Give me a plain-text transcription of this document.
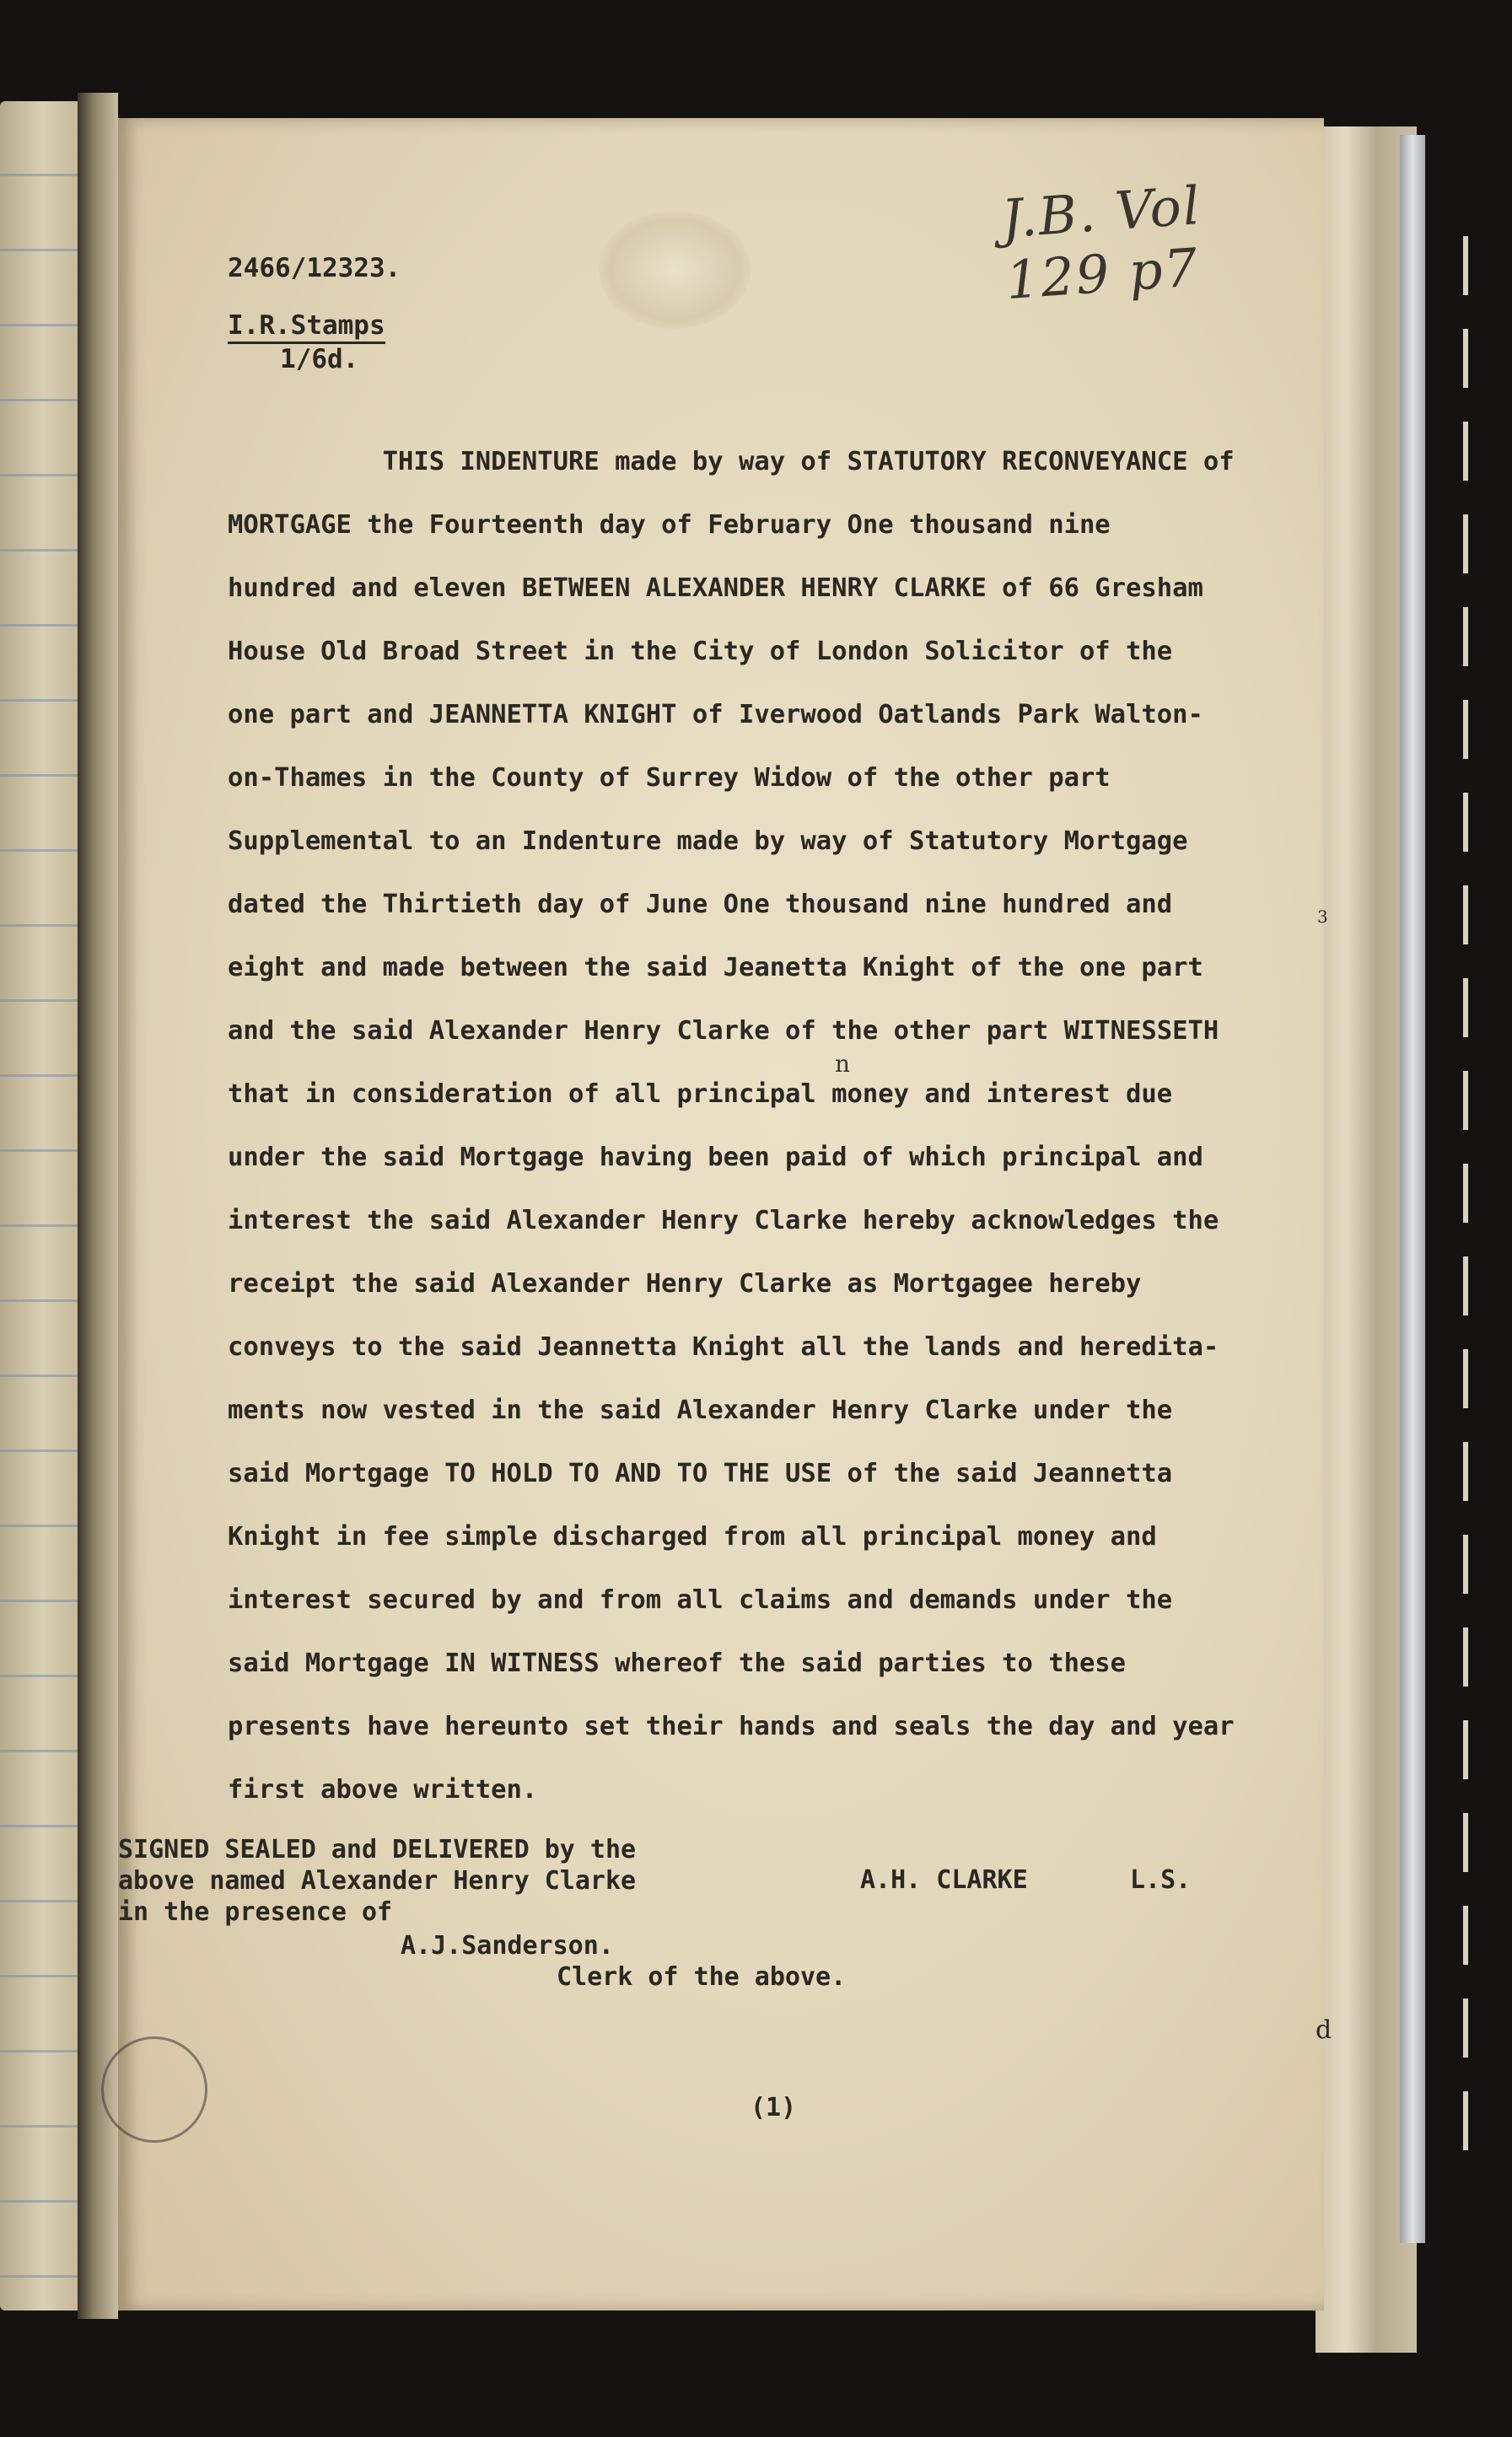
J.B. Vol 129 p7
2466/12323.
I.R.Stamps
1/6d.
THIS INDENTURE made by way of STATUTORY RECONVEYANCE of
MORTGAGE the Fourteenth day of February One thousand nine
hundred and eleven BETWEEN ALEXANDER HENRY CLARKE of 66 Gresham
House Old Broad Street in the City of London Solicitor of the
one part and JEANNETTA KNIGHT of Iverwood Oatlands Park Walton-
on-Thames in the County of Surrey Widow of the other part
Supplemental to an Indenture made by way of Statutory Mortgage
dated the Thirtieth day of June One thousand nine hundred and
eight and made between the said Jeanetta Knight of the one part
and the said Alexander Henry Clarke of the other part WITNESSETH
that in consideration of all principal money and interest due
under the said Mortgage having been paid of which principal and
interest the said Alexander Henry Clarke hereby acknowledges the
receipt the said Alexander Henry Clarke as Mortgagee hereby
conveys to the said Jeannetta Knight all the lands and heredita-
ments now vested in the said Alexander Henry Clarke under the
said Mortgage TO HOLD TO AND TO THE USE of the said Jeannetta
Knight in fee simple discharged from all principal money and
interest secured by and from all claims and demands under the
said Mortgage IN WITNESS whereof the said parties to these
presents have hereunto set their hands and seals the day and year
first above written.
n
SIGNED SEALED and DELIVERED by the
above named Alexander Henry Clarke
in the presence of
A.H. CLARKE	L.S.
A.J.Sanderson.
Clerk of the above.
(1)
3
d
